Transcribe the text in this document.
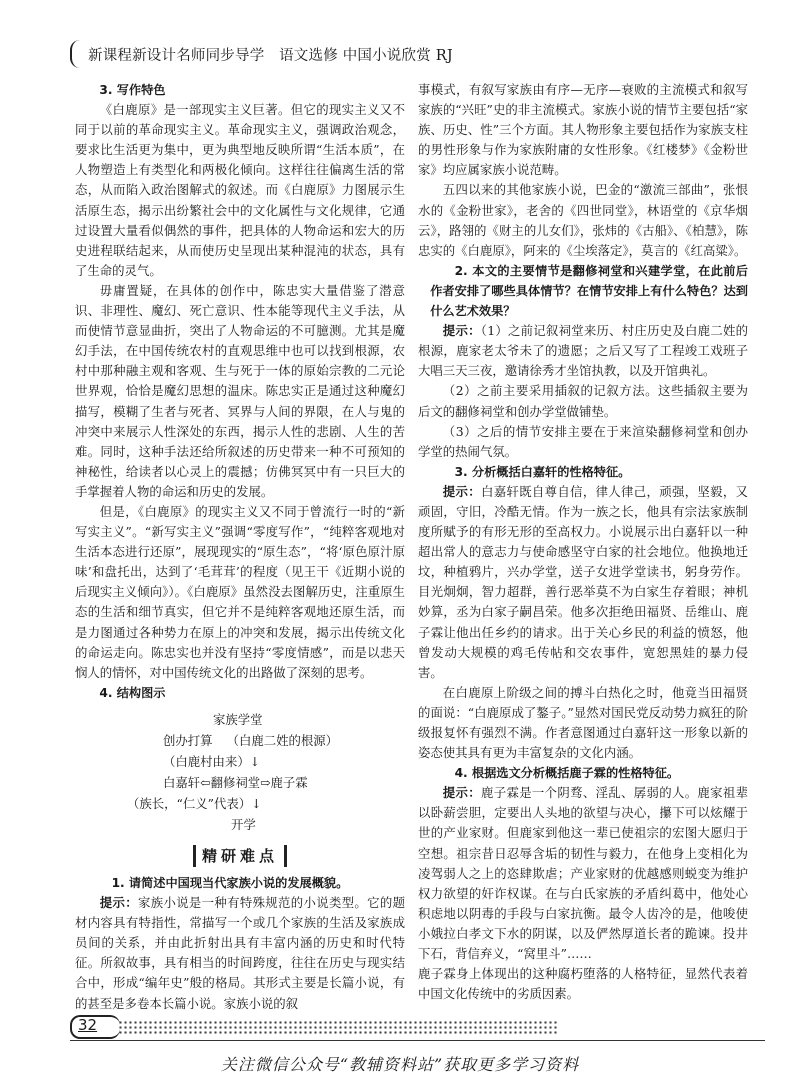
新课程新设计名师同步导学　语文选修 中国小说欣赏 RJ

3. 写作特色

《白鹿原》是一部现实主义巨著。但它的现实主义又不同于以前的革命现实主义。革命现实主义，强调政治观念，要求比生活更为集中，更为典型地反映所谓“生活本质”，在人物塑造上有类型化和两极化倾向。这样往往偏离生活的常态，从而陷入政治图解式的叙述。而《白鹿原》力图展示生活原生态，揭示出纷繁社会中的文化属性与文化规律，它通过设置大量看似偶然的事件，把具体的人物命运和宏大的历史进程联结起来，从而使历史呈现出某种混沌的状态，具有了生命的灵气。

毋庸置疑，在具体的创作中，陈忠实大量借鉴了潜意识、非理性、魔幻、死亡意识、性本能等现代主义手法，从而使情节意显曲折，突出了人物命运的不可臆测。尤其是魔幻手法，在中国传统农村的直观思维中也可以找到根源，农村中那种融主观和客观、生与死于一体的原始宗教的二元论世界观，恰恰是魔幻思想的温床。陈忠实正是通过这种魔幻描写，模糊了生者与死者、冥界与人间的界限，在人与鬼的冲突中来展示人性深处的东西，揭示人性的悲剧、人生的苦难。同时，这种手法还给所叙述的历史带来一种不可预知的神秘性，给读者以心灵上的震撼；仿佛冥冥中有一只巨大的手掌握着人物的命运和历史的发展。

但是，《白鹿原》的现实主义又不同于曾流行一时的“新写实主义”。“新写实主义”强调“零度写作”，“纯粹客观地对生活本态进行还原”，展现现实的“原生态”，“将‘原色原汁原味’和盘托出，达到了‘毛茸茸’的程度（见王干《近期小说的后现实主义倾向》）。《白鹿原》虽然没去图解历史，注重原生态的生活和细节真实，但它并不是纯粹客观地还原生活，而是力图通过各种势力在原上的冲突和发展，揭示出传统文化的命运走向。陈忠实也并没有坚持“零度情感”，而是以悲天悯人的情怀，对中国传统文化的出路做了深刻的思考。

4. 结构图示

家族学堂
创办打算 （白鹿二姓的根源）
（白鹿村由来）↓
白嘉轩⇦翻修祠堂⇨鹿子霖
（族长，“仁义”代表）↓
开学
精研难点

1. 请简述中国现当代家族小说的发展概貌。

提示：家族小说是一种有特殊规范的小说类型。它的题材内容具有特指性，常描写一个或几个家族的生活及家族成员间的关系，并由此折射出具有丰富内涵的历史和时代特征。所叙故事，具有相当的时间跨度，往往在历史与现实结合中，形成“编年史”般的格局。其形式主要是长篇小说，有的甚至是多卷本长篇小说。家族小说的叙

事模式，有叙写家族由有序—无序—衰败的主流模式和叙写家族的“兴旺”史的非主流模式。家族小说的情节主要包括“家族、历史、性”三个方面。其人物形象主要包括作为家族支柱的男性形象与作为家族附庸的女性形象。《红楼梦》《金粉世家》均应属家族小说范畴。

五四以来的其他家族小说，巴金的“激流三部曲”，张恨水的《金粉世家》，老舍的《四世同堂》，林语堂的《京华烟云》，路翎的《财主的儿女们》，张炜的《古船》、《柏慧》，陈忠实的《白鹿原》，阿来的《尘埃落定》，莫言的《红高粱》。

2. 本文的主要情节是翻修祠堂和兴建学堂，在此前后作者安排了哪些具体情节？在情节安排上有什么特色？达到什么艺术效果？

提示：（1）之前记叙祠堂来历、村庄历史及白鹿二姓的根源，鹿家老太爷未了的遗愿；之后又写了工程竣工戏班子大唱三天三夜，邀请徐秀才坐馆执教，以及开馆典礼。

（2）之前主要采用插叙的记叙方法。这些插叙主要为后文的翻修祠堂和创办学堂做铺垫。

（3）之后的情节安排主要在于来渲染翻修祠堂和创办学堂的热闹气氛。

3. 分析概括白嘉轩的性格特征。

提示：白嘉轩既自尊自信，律人律己，顽强，坚毅，又顽固，守旧，冷酷无情。作为一族之长，他具有宗法家族制度所赋予的有形无形的至高权力。小说展示出白嘉轩以一种超出常人的意志力与使命感坚守白家的社会地位。他换地迁坟，种植鸦片，兴办学堂，送子女进学堂读书，躬身劳作。目光炯炯，智力超群，善行恶举莫不为白家生存着眼；神机妙算，丞为白家子嗣昌荣。他多次拒绝田福贤、岳维山、鹿子霖让他出任乡约的请求。出于关心乡民的利益的愤怒，他曾发动大规模的鸡毛传帖和交农事件，宽恕黑娃的暴力侵害。

在白鹿原上阶级之间的搏斗白热化之时，他竟当田福贤的面说：“白鹿原成了鏊子。”显然对国民党反动势力疯狂的阶级报复怀有强烈不满。作者意图通过白嘉轩这一形象以新的姿态使其具有更为丰富复杂的文化内涵。

4. 根据选文分析概括鹿子霖的性格特征。

提示：鹿子霖是一个阴骛、淫乱、孱弱的人。鹿家祖辈以卧薪尝胆，定要出人头地的欲望与决心，攥下可以炫耀于世的产业家财。但鹿家到他这一辈已使祖宗的宏图大愿归于空想。祖宗昔日忍辱含垢的韧性与毅力，在他身上变相化为凌驾弱人之上的恣肆欺虐；产业家财的优越感则蜕变为维护权力欲望的奸诈权谋。在与白氏家族的矛盾纠葛中，他处心积虑地以阴毒的手段与白家抗衡。最令人齿冷的是，他唆使小娥拉白孝文下水的阴谋，以及俨然厚道长者的跪谏。投井下石，背信弃义，“窝里斗”……

鹿子霖身上体现出的这种腐朽堕落的人格特征，显然代表着中国文化传统中的劣质因素。

32
关注微信公众号“教辅资料站”获取更多学习资料
